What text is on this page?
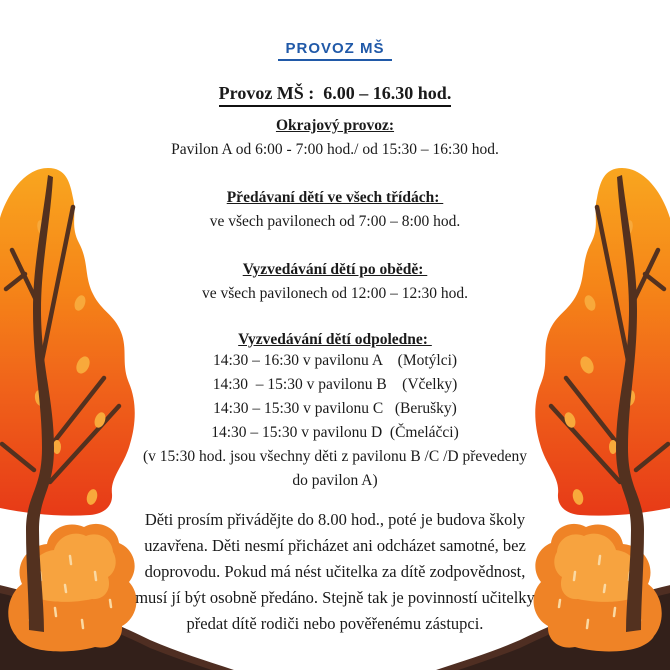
PROVOZ MŠ
Provoz MŠ :  6.00 – 16.30 hod.
Okrajový provoz:
Pavilon A od 6:00 - 7:00 hod./ od 15:30 – 16:30 hod.
Předávaní dětí ve všech třídách:
ve všech pavilonech od 7:00 – 8:00 hod.
Vyzvedávání dětí po obědě:
ve všech pavilonech od 12:00 – 12:30 hod.
Vyzvedávání dětí odpoledne:
14:30 – 16:30 v pavilonu A    (Motýlci)
14:30  – 15:30 v pavilonu B    (Včelky)
14:30 – 15:30 v pavilonu C   (Berušky)
14:30 – 15:30 v pavilonu D  (Čmeláčci)
(v 15:30 hod. jsou všechny děti z pavilonu B /C /D převedeny
do pavilon A)
Děti prosím přivádějte do 8.00 hod., poté je budova školy
uzavřena. Děti nesmí přicházet ani odcházet samotné, bez
doprovodu. Pokud má nést učitelka za dítě zodpovědnost,
musí jí být osobně předáno. Stejně tak je povinností učitelky
předat dítě rodiči nebo pověřenému zástupci.
